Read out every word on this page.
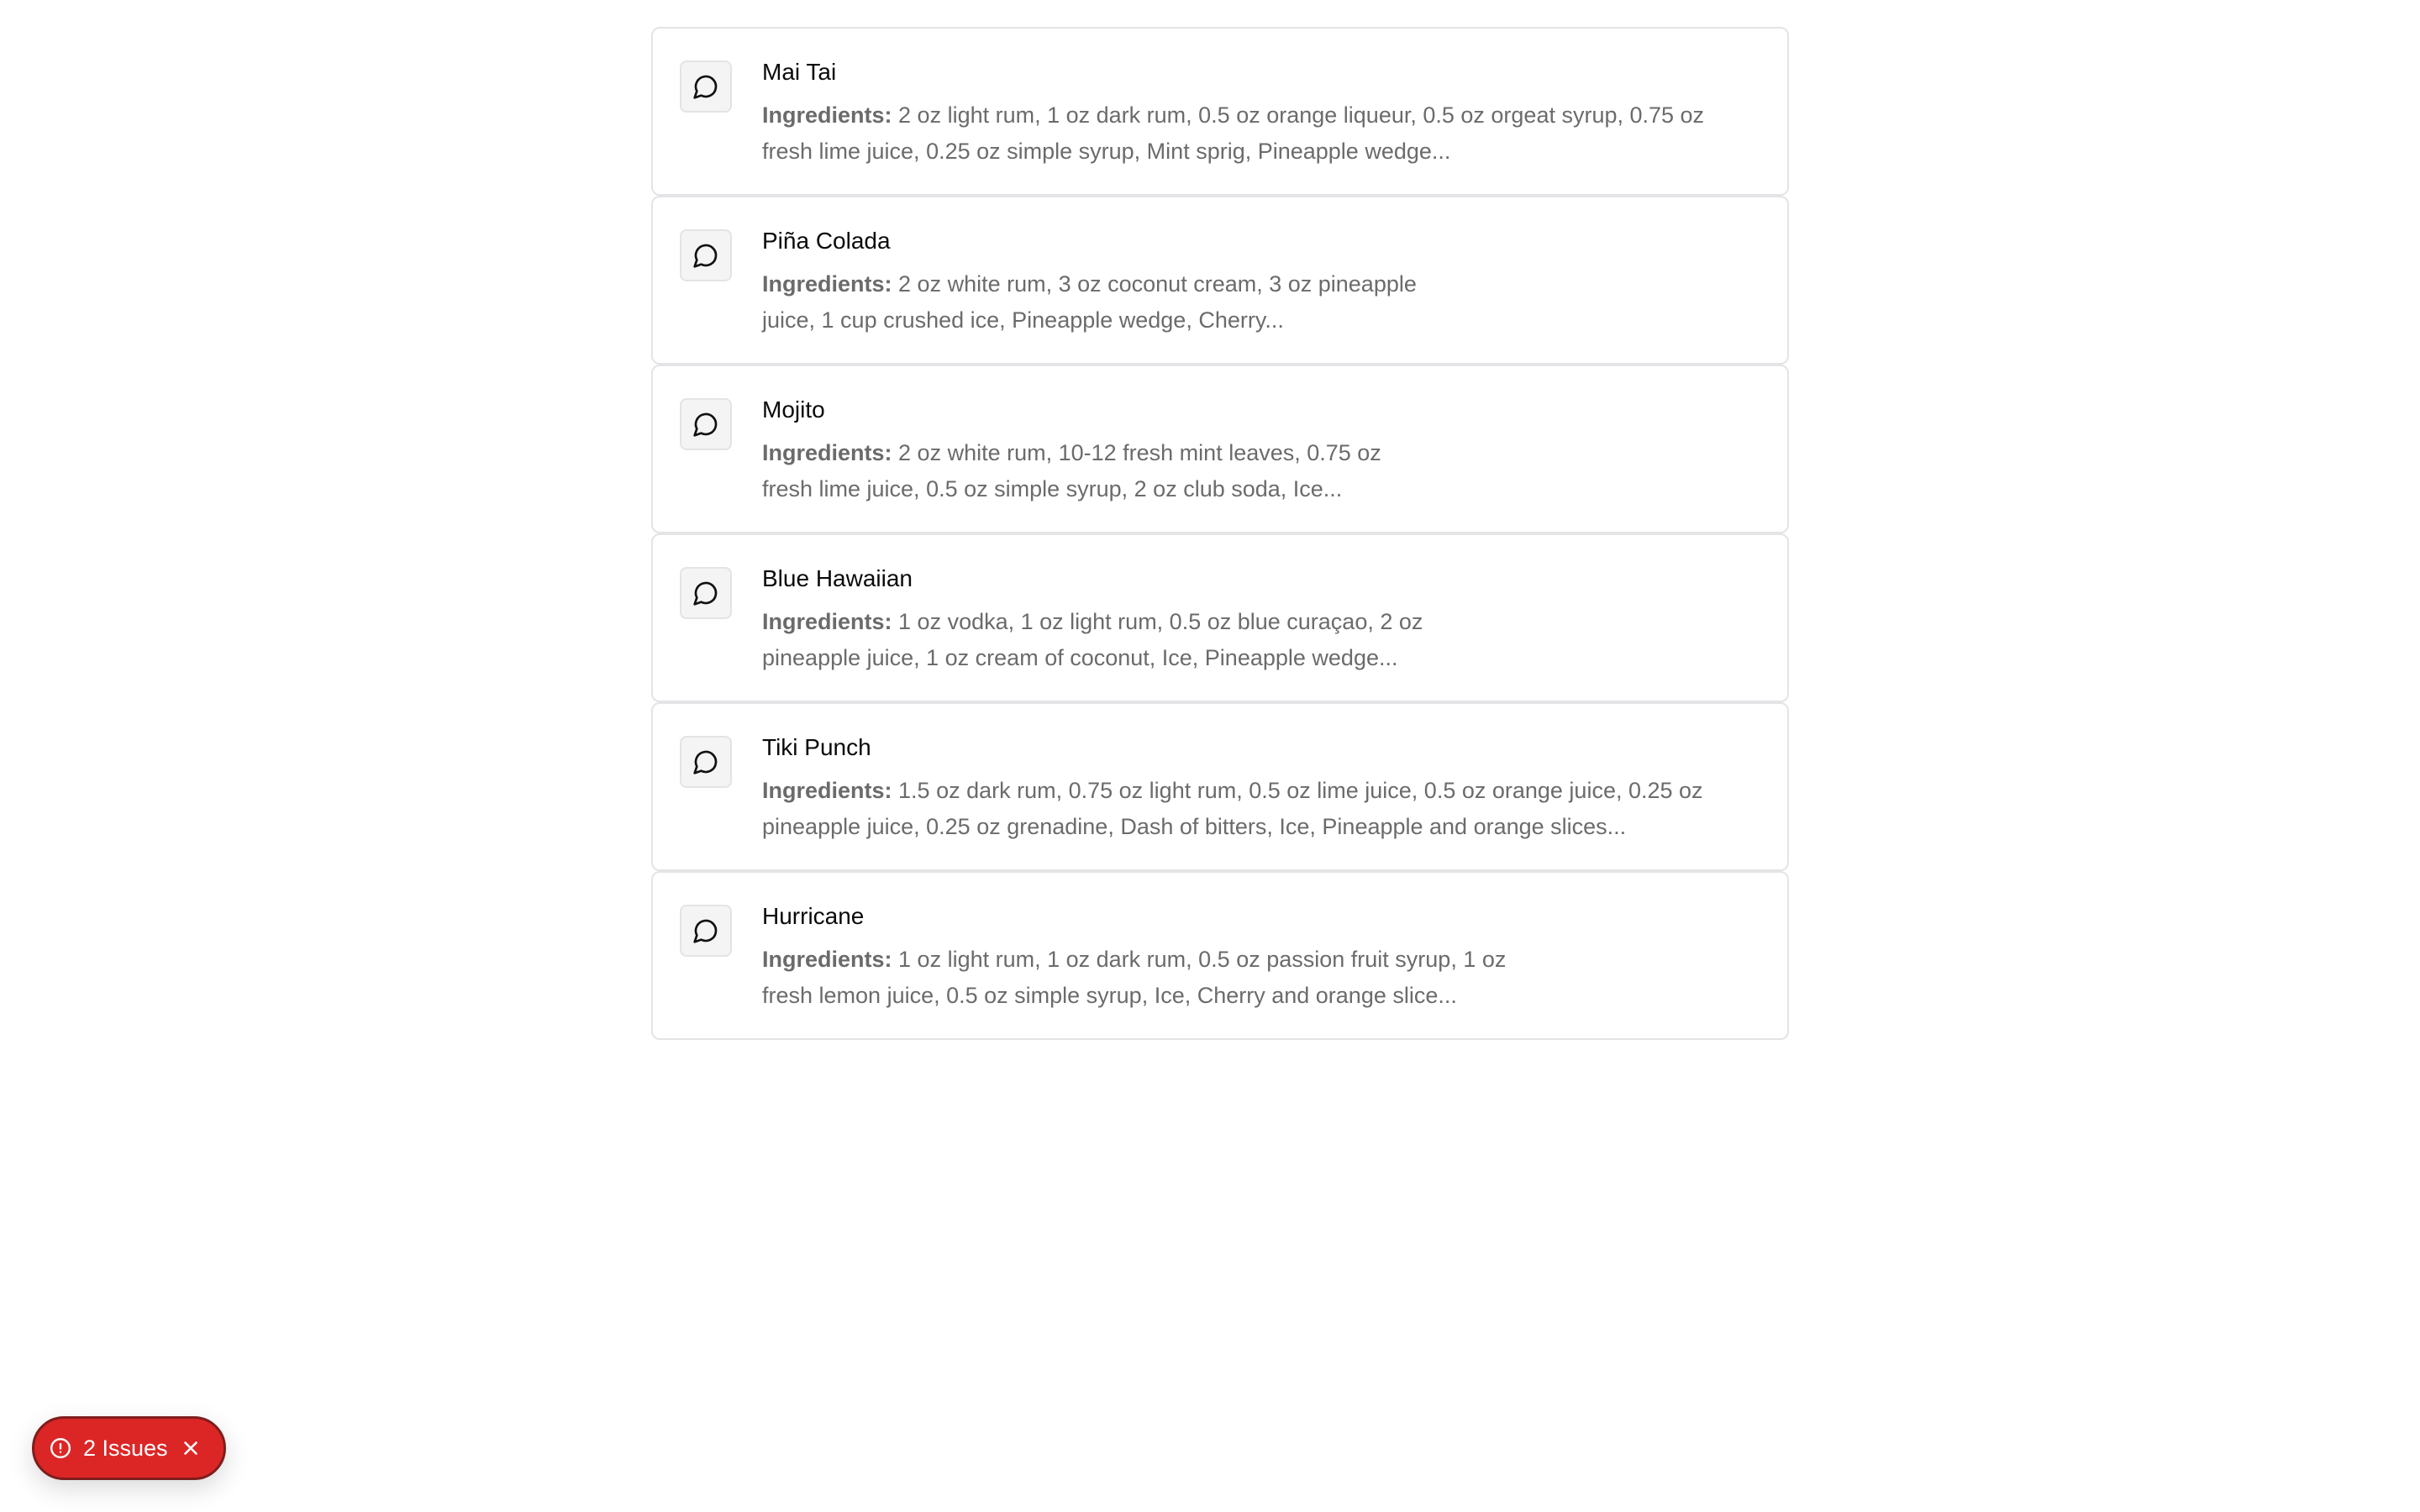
Mai Tai

Ingredients: 2 oz light rum, 1 oz dark rum, 0.5 oz orange liqueur, 0.5 oz orgeat syrup, 0.75 oz fresh lime juice, 0.25 oz simple syrup, Mint sprig, Pineapple wedge...

Piña Colada

Ingredients: 2 oz white rum, 3 oz coconut cream, 3 oz pineapple juice, 1 cup crushed ice, Pineapple wedge, Cherry...

Mojito

Ingredients: 2 oz white rum, 10-12 fresh mint leaves, 0.75 oz fresh lime juice, 0.5 oz simple syrup, 2 oz club soda, Ice...

Blue Hawaiian

Ingredients: 1 oz vodka, 1 oz light rum, 0.5 oz blue curaçao, 2 oz pineapple juice, 1 oz cream of coconut, Ice, Pineapple wedge...

Tiki Punch

Ingredients: 1.5 oz dark rum, 0.75 oz light rum, 0.5 oz lime juice, 0.5 oz orange juice, 0.25 oz pineapple juice, 0.25 oz grenadine, Dash of bitters, Ice, Pineapple and orange slices...

Hurricane

Ingredients: 1 oz light rum, 1 oz dark rum, 0.5 oz passion fruit syrup, 1 oz fresh lemon juice, 0.5 oz simple syrup, Ice, Cherry and orange slice...

2 Issues
